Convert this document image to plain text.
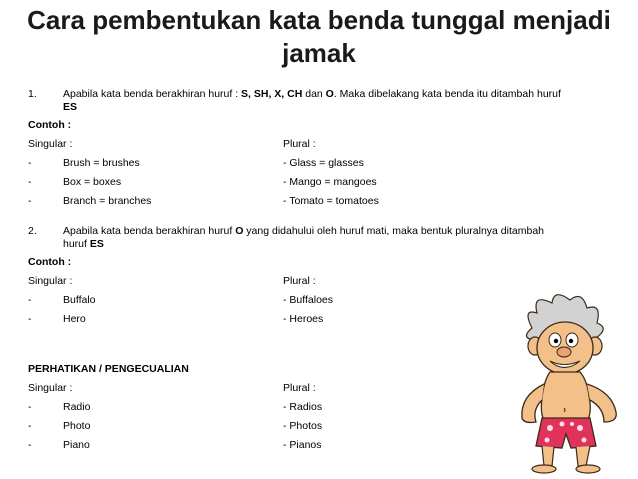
Cara pembentukan kata benda tunggal menjadi jamak
1. Apabila kata benda berakhiran huruf : S, SH, X, CH dan O. Maka dibelakang kata benda itu ditambah huruf
ES
Contoh :
Singular :	Plural :
-	Brush = brushes	- Glass = glasses
-	Box = boxes	- Mango = mangoes
-	Branch = branches	- Tomato = tomatoes
2. Apabila kata benda berakhiran huruf O yang didahului oleh huruf mati, maka bentuk pluralnya ditambah
huruf ES
Contoh :
Singular :	Plural :
-	Buffalo	- Buffaloes
-	Hero	- Heroes
PERHATIKAN / PENGECUALIAN
Singular :	Plural :
-	Radio	- Radios
-	Photo	- Photos
-	Piano	- Pianos
